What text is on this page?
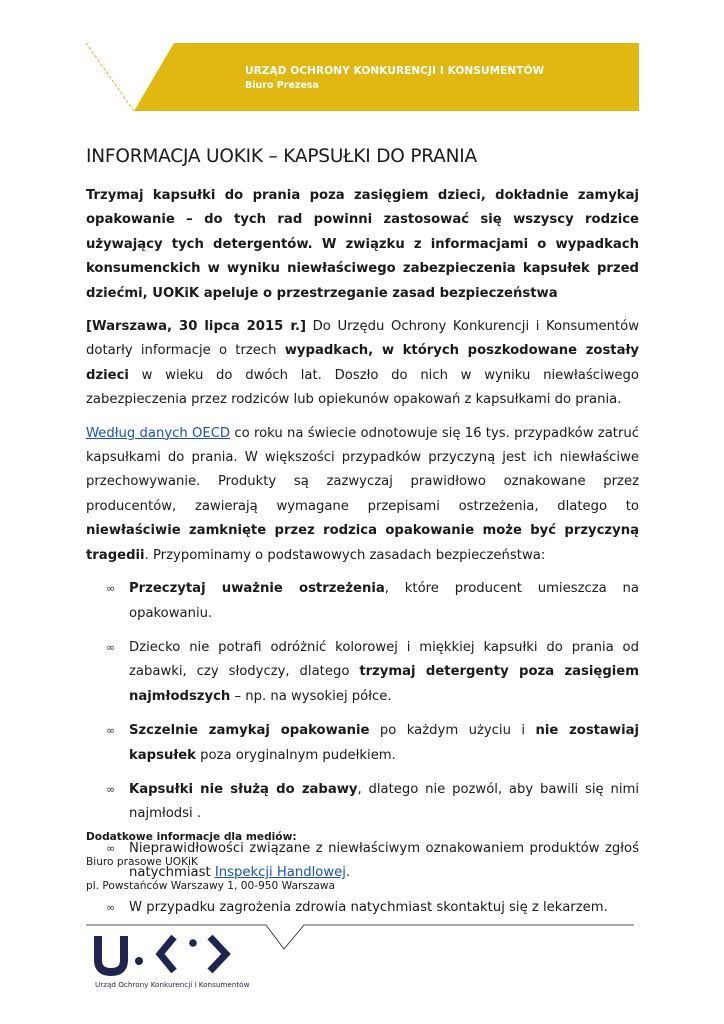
URZĄD OCHRONY KONKURENCJI I KONSUMENTÓW
Biuro Prezesa
INFORMACJA UOKIK – KAPSUŁKI DO PRANIA

Trzymaj kapsułki do prania poza zasięgiem dzieci, dokładnie zamykaj opakowanie – do tych rad powinni zastosować się wszyscy rodzice używający tych detergentów. W związku z informacjami o wypadkach konsumenckich w wyniku niewłaściwego zabezpieczenia kapsułek przed dziećmi, UOKiK apeluje o przestrzeganie zasad bezpieczeństwa

[Warszawa, 30 lipca 2015 r.] Do Urzędu Ochrony Konkurencji i Konsumentów dotarły informacje o trzech wypadkach, w których poszkodowane zostały dzieci w wieku do dwóch lat. Doszło do nich w wyniku niewłaściwego zabezpieczenia przez rodziców lub opiekunów opakowań z kapsułkami do prania.

Według danych OECD co roku na świecie odnotowuje się 16 tys. przypadków zatruć kapsułkami do prania. W większości przypadków przyczyną jest ich niewłaściwe przechowywanie. Produkty są zazwyczaj prawidłowo oznakowane przez producentów, zawierają wymagane przepisami ostrzeżenia, dlatego to niewłaściwie zamknięte przez rodzica opakowanie może być przyczyną tragedii. Przypominamy o podstawowych zasadach bezpieczeństwa:

∞ Przeczytaj uważnie ostrzeżenia, które producent umieszcza na opakowaniu.
∞ Dziecko nie potrafi odróżnić kolorowej i miękkiej kapsułki do prania od zabawki, czy słodyczy, dlatego trzymaj detergenty poza zasięgiem najmłodszych – np. na wysokiej półce.
∞ Szczelnie zamykaj opakowanie po każdym użyciu i nie zostawiaj kapsułek poza oryginalnym pudełkiem.
∞ Kapsułki nie służą do zabawy, dlatego nie pozwól, aby bawili się nimi najmłodsi .
∞ Nieprawidłowości związane z niewłaściwym oznakowaniem produktów zgłoś natychmiast Inspekcji Handlowej.
∞ W przypadku zagrożenia zdrowia natychmiast skontaktuj się z lekarzem.
Dodatkowe informacje dla mediów:
Biuro prasowe UOKiK
pl. Powstańców Warszawy 1, 00-950 Warszawa
Urząd Ochrony Konkurencji i Konsumentów
